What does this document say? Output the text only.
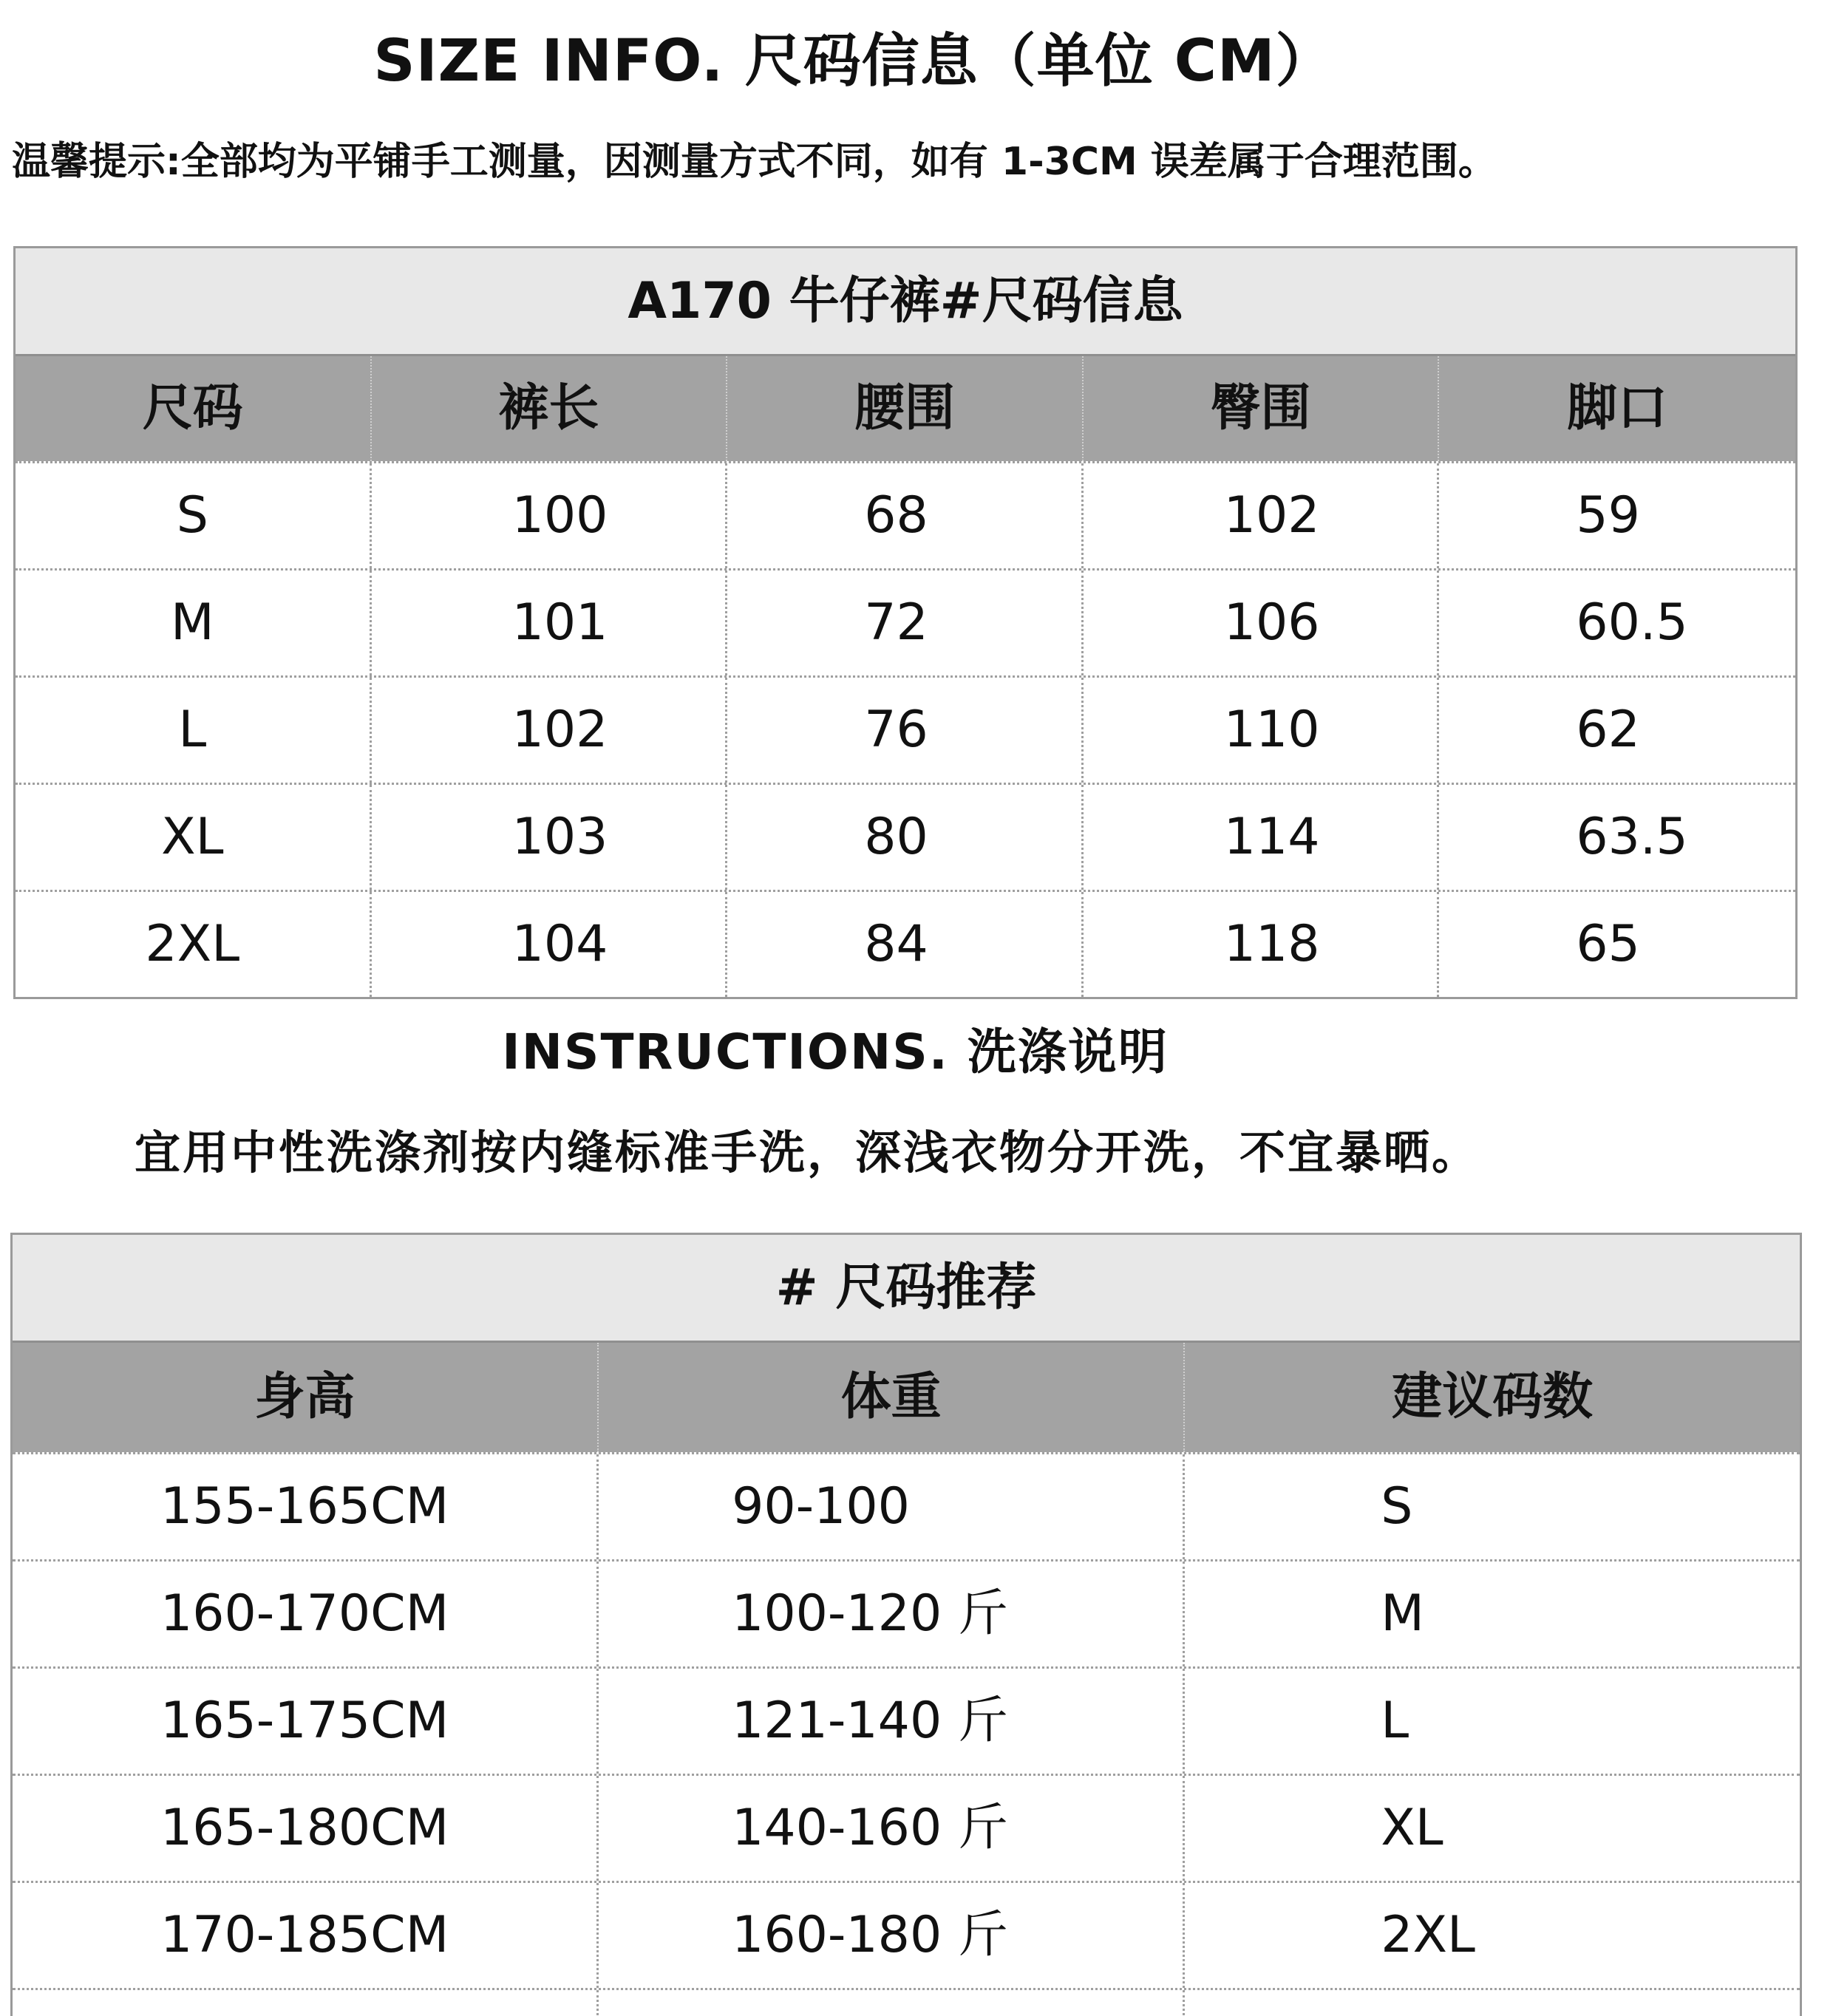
SIZE INFO. 尺码信息（单位 CM）
温馨提示:全部均为平铺手工测量，因测量方式不同，如有 1-3CM 误差属于合理范围。
A170 牛仔裤#尺码信息
尺码	裤长	腰围	臀围	脚口
S	100	68	102	59
M	101	72	106	60.5
L	102	76	110	62
XL	103	80	114	63.5
2XL	104	84	118	65
INSTRUCTIONS. 洗涤说明
宜用中性洗涤剂按内缝标准手洗，深浅衣物分开洗，不宜暴晒。
# 尺码推荐
身高	体重	建议码数
155-165CM	90-100	S
160-170CM	100-120 斤	M
165-175CM	121-140 斤	L
165-180CM	140-160 斤	XL
170-185CM	160-180 斤	2XL
